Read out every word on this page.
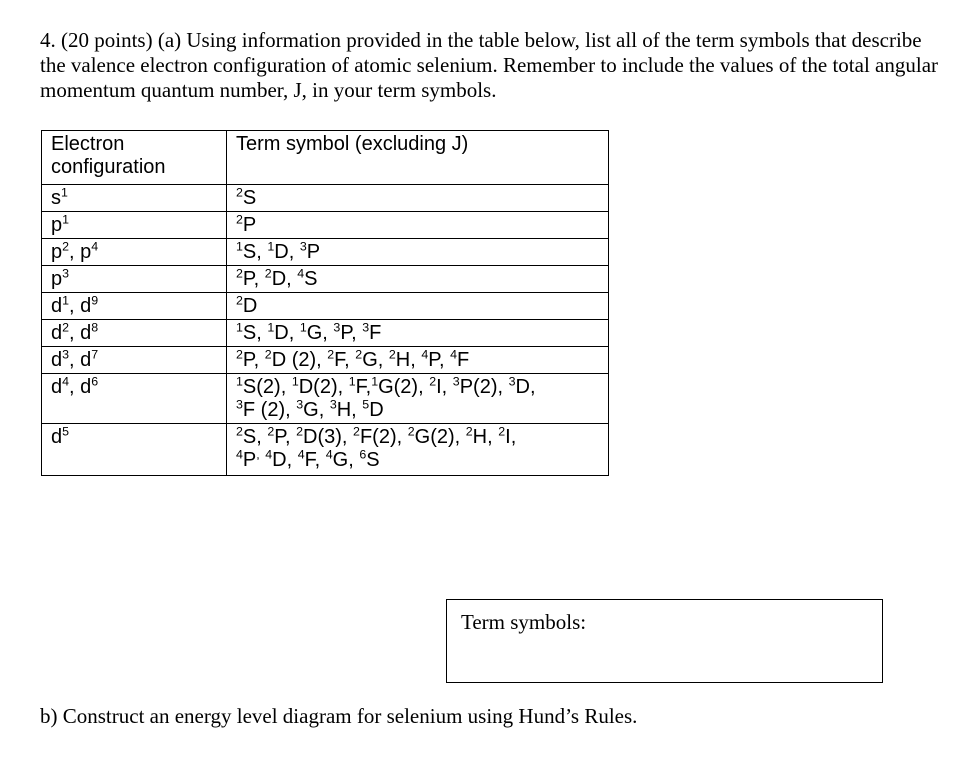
4. (20 points) (a) Using information provided in the table below, list all of the term symbols that describe the valence electron configuration of atomic selenium. Remember to include the values of the total angular momentum quantum number, J, in your term symbols.

Electron configuration	Term symbol (excluding J)
$s^1$	$^2$S
$p^1$	$^2$P
$p^2$, $p^4$	$^1$S, $^1$D, $^3$P
$p^3$	$^2$P, $^2$D, $^4$S
$d^1$, $d^9$	$^2$D
$d^2$, $d^8$	$^1$S, $^1$D, $^1$G, $^3$P, $^3$F
$d^3$, $d^7$	$^2$P, $^2$D (2), $^2$F, $^2$G, $^2$H, $^4$P, $^4$F
$d^4$, $d^6$	$^1$S(2), $^1$D(2), $^1$F,$^1$G(2), $^2$I, $^3$P(2), $^3$D,
$^3$F (2), $^3$G, $^3$H, $^5$D
$d^5$	$^2$S, $^2$P, $^2$D(3), $^2$F(2), $^2$G(2), $^2$H, $^2$I,
$^4$P, $^4$D, $^4$F, $^4$G, $^6$S
Term symbols:

b) Construct an energy level diagram for selenium using Hund’s Rules.
